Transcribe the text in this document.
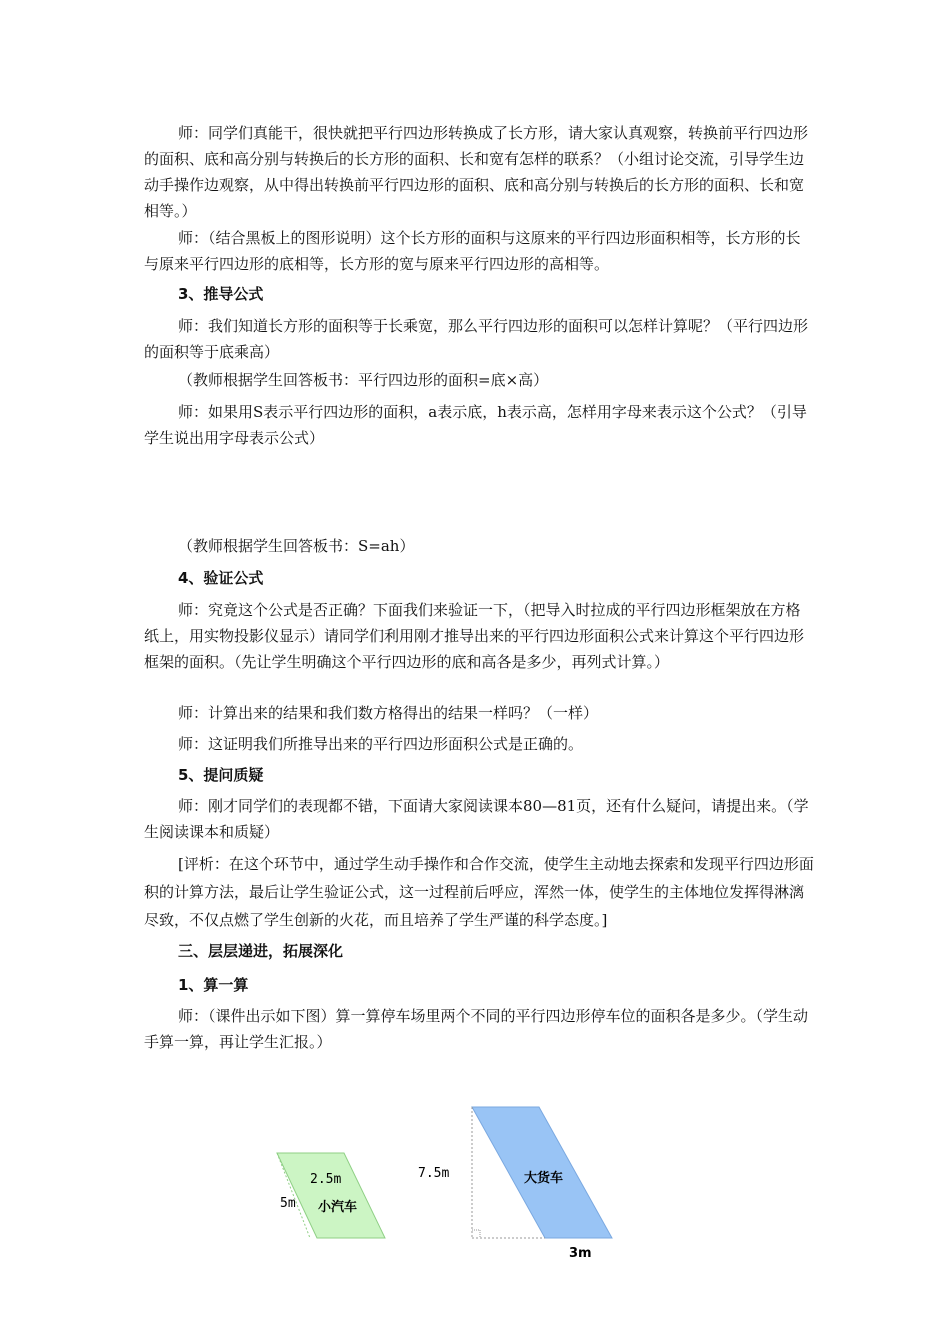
师：同学们真能干，很快就把平行四边形转换成了长方形，请大家认真观察，转换前平行四边形的面积、底和高分别与转换后的长方形的面积、长和宽有怎样的联系？（小组讨论交流，引导学生边动手操作边观察，从中得出转换前平行四边形的面积、底和高分别与转换后的长方形的面积、长和宽相等。）

师：（结合黑板上的图形说明）这个长方形的面积与这原来的平行四边形面积相等，长方形的长与原来平行四边形的底相等，长方形的宽与原来平行四边形的高相等。

3、推导公式

师：我们知道长方形的面积等于长乘宽，那么平行四边形的面积可以怎样计算呢？（平行四边形的面积等于底乘高）

（教师根据学生回答板书：平行四边形的面积=底×高）

师：如果用S表示平行四边形的面积，a表示底，h表示高，怎样用字母来表示这个公式？（引导学生说出用字母表示公式）

（教师根据学生回答板书：S=ah）

4、验证公式

师：究竟这个公式是否正确？下面我们来验证一下，（把导入时拉成的平行四边形框架放在方格纸上，用实物投影仪显示）请同学们利用刚才推导出来的平行四边形面积公式来计算这个平行四边形框架的面积。（先让学生明确这个平行四边形的底和高各是多少，再列式计算。）

师：计算出来的结果和我们数方格得出的结果一样吗？（一样）

师：这证明我们所推导出来的平行四边形面积公式是正确的。

5、提问质疑

师：刚才同学们的表现都不错，下面请大家阅读课本80—81页，还有什么疑问，请提出来。（学生阅读课本和质疑）

[评析：在这个环节中，通过学生动手操作和合作交流，使学生主动地去探索和发现平行四边形面积的计算方法，最后让学生验证公式，这一过程前后呼应，浑然一体，使学生的主体地位发挥得淋漓尽致，不仅点燃了学生创新的火花，而且培养了学生严谨的科学态度。]

三、层层递进，拓展深化

1、算一算

师：（课件出示如下图）算一算停车场里两个不同的平行四边形停车位的面积各是多少。（学生动手算一算，再让学生汇报。）

2.5m
5m 小汽车
7.5m	大货车
3m
